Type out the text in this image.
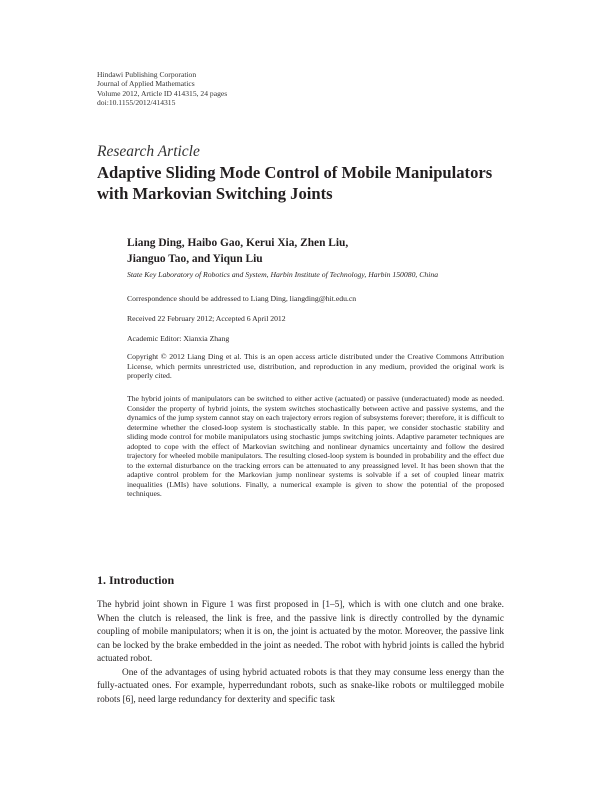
Hindawi Publishing Corporation
Journal of Applied Mathematics
Volume 2012, Article ID 414315, 24 pages
doi:10.1155/2012/414315
Research Article
Adaptive Sliding Mode Control of Mobile Manipulators with Markovian Switching Joints
Liang Ding, Haibo Gao, Kerui Xia, Zhen Liu,
Jianguo Tao, and Yiqun Liu
State Key Laboratory of Robotics and System, Harbin Institute of Technology, Harbin 150080, China
Correspondence should be addressed to Liang Ding, liangding@hit.edu.cn
Received 22 February 2012; Accepted 6 April 2012
Academic Editor: Xianxia Zhang
Copyright © 2012 Liang Ding et al. This is an open access article distributed under the Creative Commons Attribution License, which permits unrestricted use, distribution, and reproduction in any medium, provided the original work is properly cited.
The hybrid joints of manipulators can be switched to either active (actuated) or passive (underactuated) mode as needed. Consider the property of hybrid joints, the system switches stochastically between active and passive systems, and the dynamics of the jump system cannot stay on each trajectory errors region of subsystems forever; therefore, it is difficult to determine whether the closed-loop system is stochastically stable. In this paper, we consider stochastic stability and sliding mode control for mobile manipulators using stochastic jumps switching joints. Adaptive parameter techniques are adopted to cope with the effect of Markovian switching and nonlinear dynamics uncertainty and follow the desired trajectory for wheeled mobile manipulators. The resulting closed-loop system is bounded in probability and the effect due to the external disturbance on the tracking errors can be attenuated to any preassigned level. It has been shown that the adaptive control problem for the Markovian jump nonlinear systems is solvable if a set of coupled linear matrix inequalities (LMIs) have solutions. Finally, a numerical example is given to show the potential of the proposed techniques.
1. Introduction

The hybrid joint shown in Figure 1 was first proposed in [1–5], which is with one clutch and one brake. When the clutch is released, the link is free, and the passive link is directly controlled by the dynamic coupling of mobile manipulators; when it is on, the joint is actuated by the motor. Moreover, the passive link can be locked by the brake embedded in the joint as needed. The robot with hybrid joints is called the hybrid actuated robot.

One of the advantages of using hybrid actuated robots is that they may consume less energy than the fully-actuated ones. For example, hyperredundant robots, such as snake-like robots or multilegged mobile robots [6], need large redundancy for dexterity and specific task
